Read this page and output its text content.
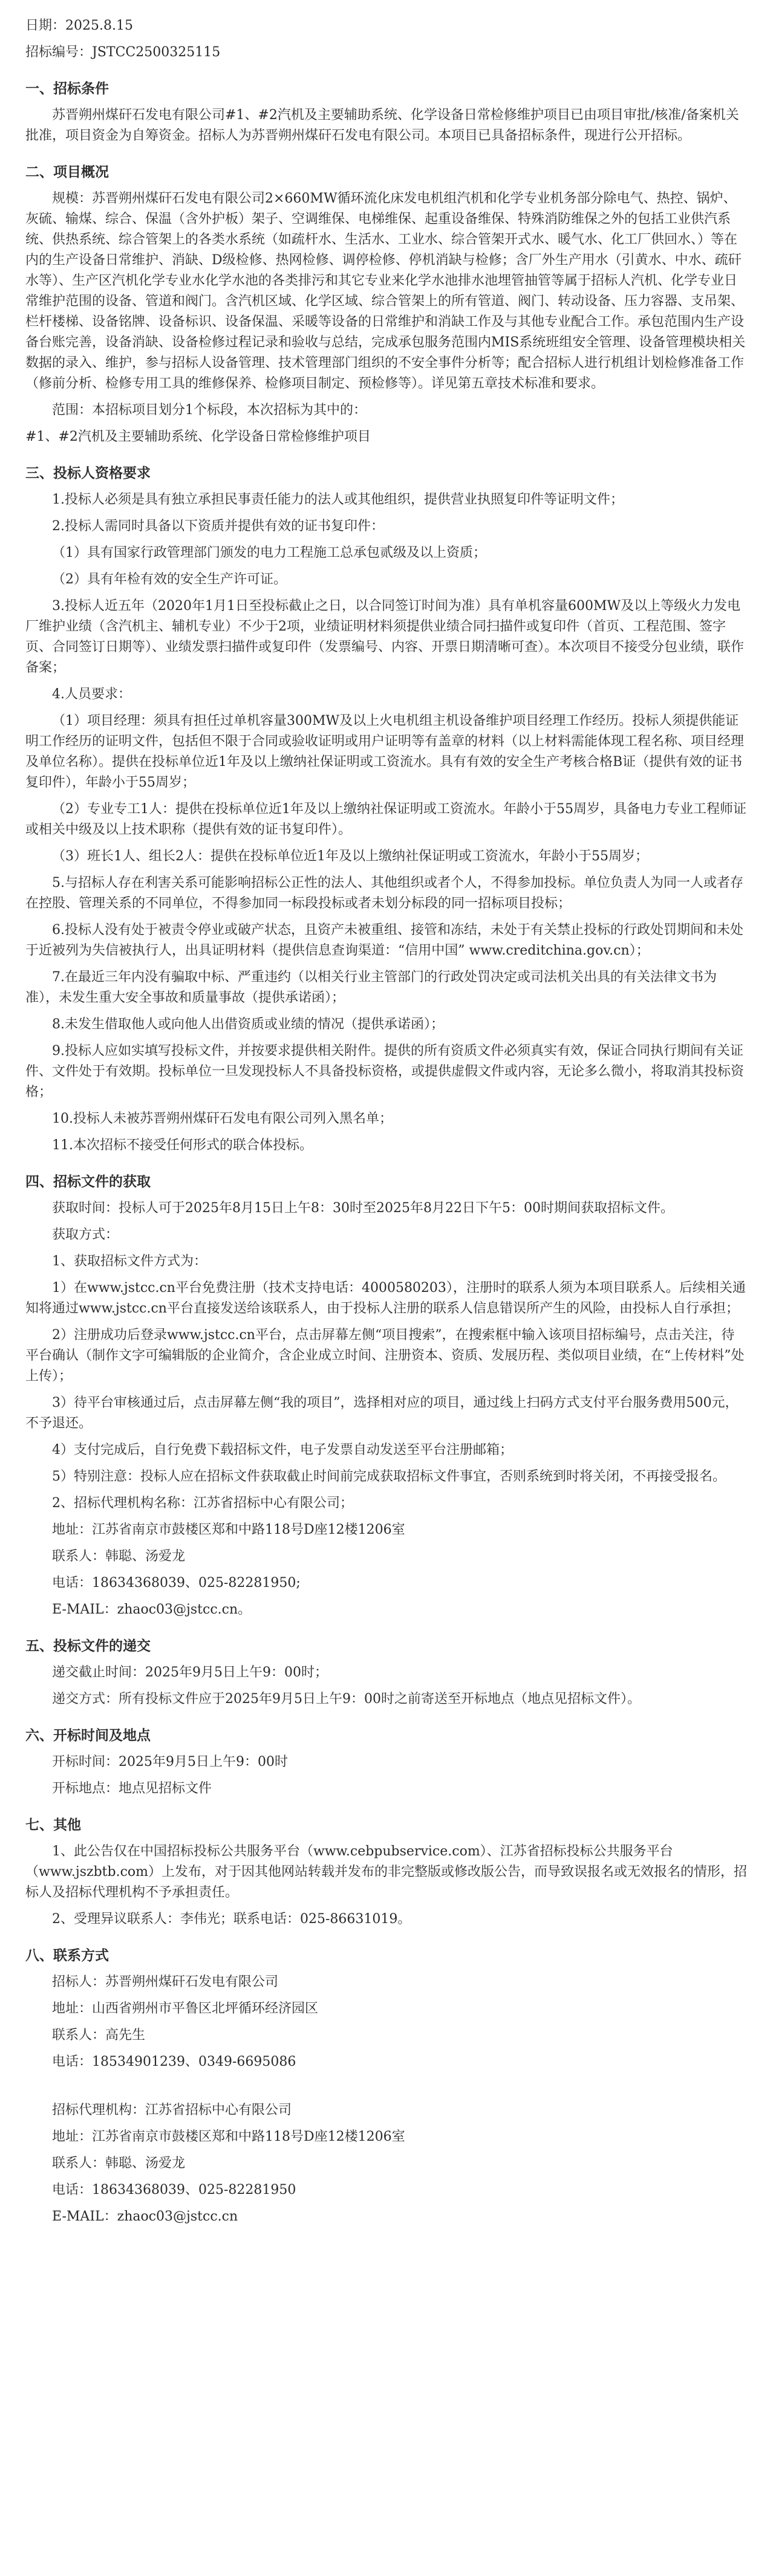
日期：2025.8.15
招标编号：JSTCC2500325115
一、招标条件
苏晋朔州煤矸石发电有限公司#1、#2汽机及主要辅助系统、化学设备日常检修维护项目已由项目审批/核准/备案机关批准，项目资金为自筹资金。招标人为苏晋朔州煤矸石发电有限公司。本项目已具备招标条件，现进行公开招标。
二、项目概况
规模：苏晋朔州煤矸石发电有限公司2×660MW循环流化床发电机组汽机和化学专业机务部分除电气、热控、锅炉、灰硫、输煤、综合、保温（含外护板）架子、空调维保、电梯维保、起重设备维保、特殊消防维保之外的包括工业供汽系统、供热系统、综合管架上的各类水系统（如疏杆水、生活水、工业水、综合管架开式水、暖气水、化工厂供回水、）等在内的生产设备日常维护、消缺、D级检修、热网检修、调停检修、停机消缺与检修；含厂外生产用水（引黄水、中水、疏矸水等）、生产区汽机化学专业水化学水池的各类排污和其它专业来化学水池排水池埋管抽管等属于招标人汽机、化学专业日常维护范围的设备、管道和阀门。含汽机区域、化学区域、综合管架上的所有管道、阀门、转动设备、压力容器、支吊架、栏杆楼梯、设备铭牌、设备标识、设备保温、采暖等设备的日常维护和消缺工作及与其他专业配合工作。承包范围内生产设备台账完善，设备消缺、设备检修过程记录和验收与总结，完成承包服务范围内MIS系统班组安全管理、设备管理模块相关数据的录入、维护，参与招标人设备管理、技术管理部门组织的不安全事件分析等；配合招标人进行机组计划检修准备工作（修前分析、检修专用工具的维修保养、检修项目制定、预检修等）。详见第五章技术标准和要求。
范围：本招标项目划分1个标段，本次招标为其中的：
#1、#2汽机及主要辅助系统、化学设备日常检修维护项目
三、投标人资格要求
1.投标人必须是具有独立承担民事责任能力的法人或其他组织，提供营业执照复印件等证明文件；
2.投标人需同时具备以下资质并提供有效的证书复印件：
（1）具有国家行政管理部门颁发的电力工程施工总承包贰级及以上资质；
（2）具有年检有效的安全生产许可证。
3.投标人近五年（2020年1月1日至投标截止之日，以合同签订时间为准）具有单机容量600MW及以上等级火力发电厂维护业绩（含汽机主、辅机专业）不少于2项，业绩证明材料须提供业绩合同扫描件或复印件（首页、工程范围、签字页、合同签订日期等）、业绩发票扫描件或复印件（发票编号、内容、开票日期清晰可查）。本次项目不接受分包业绩，联作备案；
4.人员要求：
（1）项目经理：须具有担任过单机容量300MW及以上火电机组主机设备维护项目经理工作经历。投标人须提供能证明工作经历的证明文件，包括但不限于合同或验收证明或用户证明等有盖章的材料（以上材料需能体现工程名称、项目经理及单位名称）。提供在投标单位近1年及以上缴纳社保证明或工资流水。具有有效的安全生产考核合格B证（提供有效的证书复印件），年龄小于55周岁；
（2）专业专工1人：提供在投标单位近1年及以上缴纳社保证明或工资流水。年龄小于55周岁，具备电力专业工程师证或相关中级及以上技术职称（提供有效的证书复印件）。
（3）班长1人、组长2人：提供在投标单位近1年及以上缴纳社保证明或工资流水，年龄小于55周岁；
5.与招标人存在利害关系可能影响招标公正性的法人、其他组织或者个人，不得参加投标。单位负责人为同一人或者存在控股、管理关系的不同单位，不得参加同一标段投标或者未划分标段的同一招标项目投标；
6.投标人没有处于被责令停业或破产状态，且资产未被重组、接管和冻结，未处于有关禁止投标的行政处罚期间和未处于近被列为失信被执行人，出具证明材料（提供信息查询渠道：“信用中国” www.creditchina.gov.cn）；
7.在最近三年内没有骗取中标、严重违约（以相关行业主管部门的行政处罚决定或司法机关出具的有关法律文书为准），未发生重大安全事故和质量事故（提供承诺函）；
8.未发生借取他人或向他人出借资质或业绩的情况（提供承诺函）；
9.投标人应如实填写投标文件，并按要求提供相关附件。提供的所有资质文件必须真实有效，保证合同执行期间有关证件、文件处于有效期。投标单位一旦发现投标人不具备投标资格，或提供虚假文件或内容，无论多么微小，将取消其投标资格；
10.投标人未被苏晋朔州煤矸石发电有限公司列入黑名单；
11.本次招标不接受任何形式的联合体投标。
四、招标文件的获取
获取时间：投标人可于2025年8月15日上午8：30时至2025年8月22日下午5：00时期间获取招标文件。
获取方式：
1、获取招标文件方式为：
1）在www.jstcc.cn平台免费注册（技术支持电话：4000580203），注册时的联系人须为本项目联系人。后续相关通知将通过www.jstcc.cn平台直接发送给该联系人，由于投标人注册的联系人信息错误所产生的风险，由投标人自行承担；
2）注册成功后登录www.jstcc.cn平台，点击屏幕左侧“项目搜索”，在搜索框中输入该项目招标编号，点击关注，待平台确认（制作文字可编辑版的企业简介，含企业成立时间、注册资本、资质、发展历程、类似项目业绩，在“上传材料”处上传）；
3）待平台审核通过后，点击屏幕左侧“我的项目”，选择相对应的项目，通过线上扫码方式支付平台服务费用500元，不予退还。
4）支付完成后，自行免费下载招标文件，电子发票自动发送至平台注册邮箱；
5）特别注意：投标人应在招标文件获取截止时间前完成获取招标文件事宜，否则系统到时将关闭，不再接受报名。
2、招标代理机构名称：江苏省招标中心有限公司；
地址：江苏省南京市鼓楼区郑和中路118号D座12楼1206室
联系人：韩聪、汤爱龙
电话：18634368039、025-82281950;
E-MAIL：zhaoc03@jstcc.cn。
五、投标文件的递交
递交截止时间：2025年9月5日上午9：00时；
递交方式：所有投标文件应于2025年9月5日上午9：00时之前寄送至开标地点（地点见招标文件）。
六、开标时间及地点
开标时间：2025年9月5日上午9：00时
开标地点：地点见招标文件
七、其他
1、此公告仅在中国招标投标公共服务平台（www.cebpubservice.com）、江苏省招标投标公共服务平台（www.jszbtb.com）上发布，对于因其他网站转载并发布的非完整版或修改版公告，而导致误报名或无效报名的情形，招标人及招标代理机构不予承担责任。
2、受理异议联系人：李伟光；联系电话：025-86631019。
八、联系方式
招标人：苏晋朔州煤矸石发电有限公司
地址：山西省朔州市平鲁区北坪循环经济园区
联系人：高先生
电话：18534901239、0349-6695086
招标代理机构：江苏省招标中心有限公司
地址：江苏省南京市鼓楼区郑和中路118号D座12楼1206室
联系人：韩聪、汤爱龙
电话：18634368039、025-82281950
E-MAIL：zhaoc03@jstcc.cn
